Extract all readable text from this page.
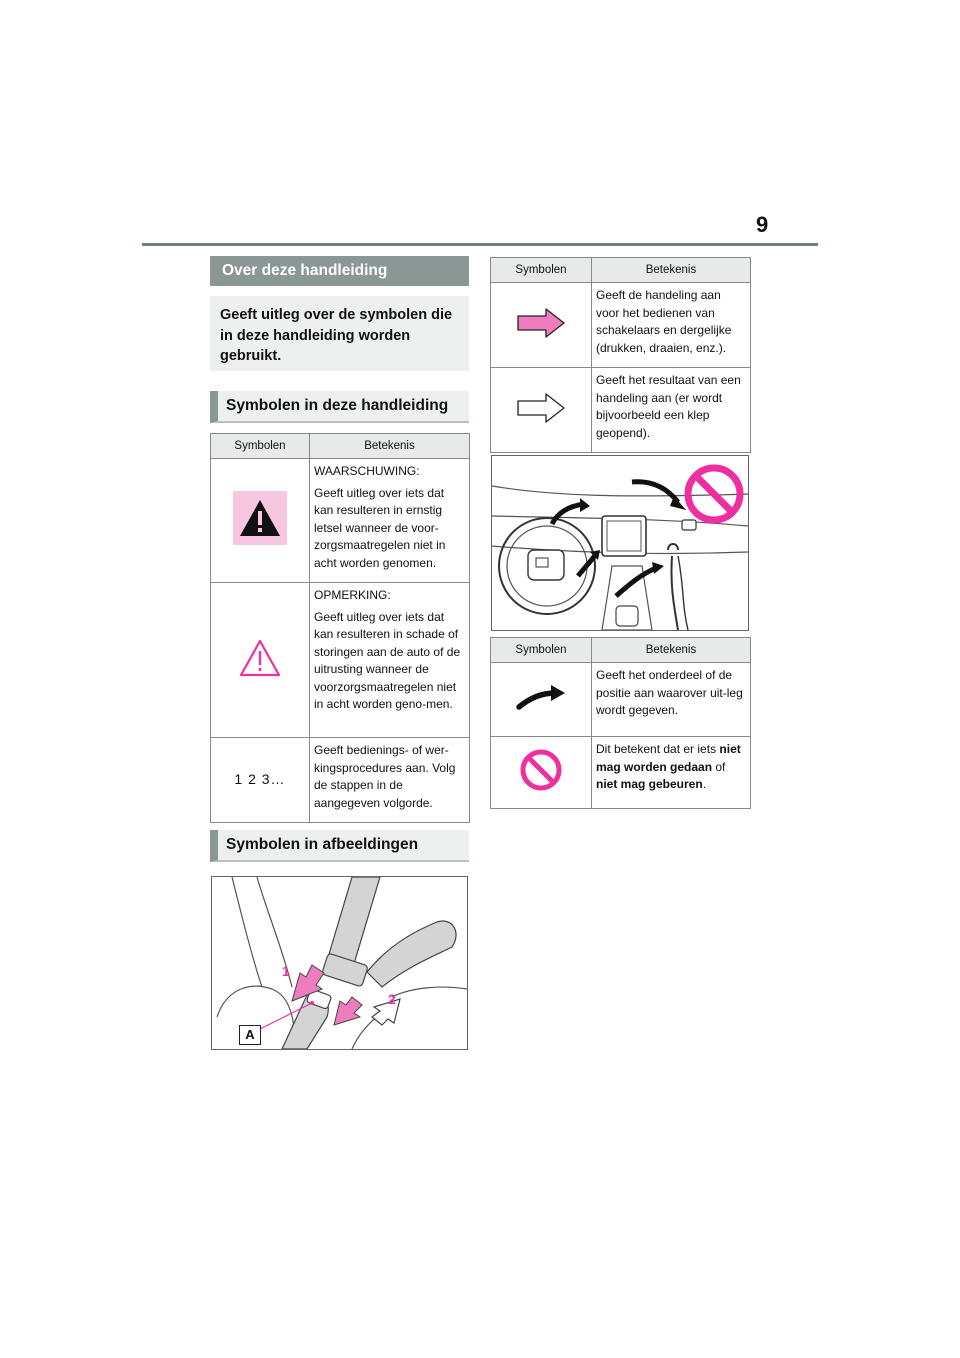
9
Over deze handleiding
Geeft uitleg over de symbolen die in deze handleiding worden gebruikt.
Symbolen in deze handleiding
Symbolen	Betekenis

WAARSCHUWING:

Geeft uitleg over iets dat kan resulteren in ernstig letsel wanneer de voor-zorgsmaatregelen niet in acht worden genomen.

OPMERKING:

Geeft uitleg over iets dat kan resulteren in schade of storingen aan de auto of de uitrusting wanneer de voorzorgsmaatregelen niet in acht worden geno-men.

1 2 3…	Geeft bedienings- of wer-kingsprocedures aan. Volg de stappen in de aangegeven volgorde.

Symbolen in afbeeldingen
1
2
A
Symbolen	Betekenis

Geeft de handeling aan voor het bedienen van schakelaars en dergelijke (drukken, draaien, enz.).

Geeft het resultaat van een handeling aan (er wordt bijvoorbeeld een klep geopend).

Symbolen	Betekenis

Geeft het onderdeel of de positie aan waarover uit-leg wordt gegeven.

Dit betekent dat er iets niet mag worden gedaan of niet mag gebeuren.
